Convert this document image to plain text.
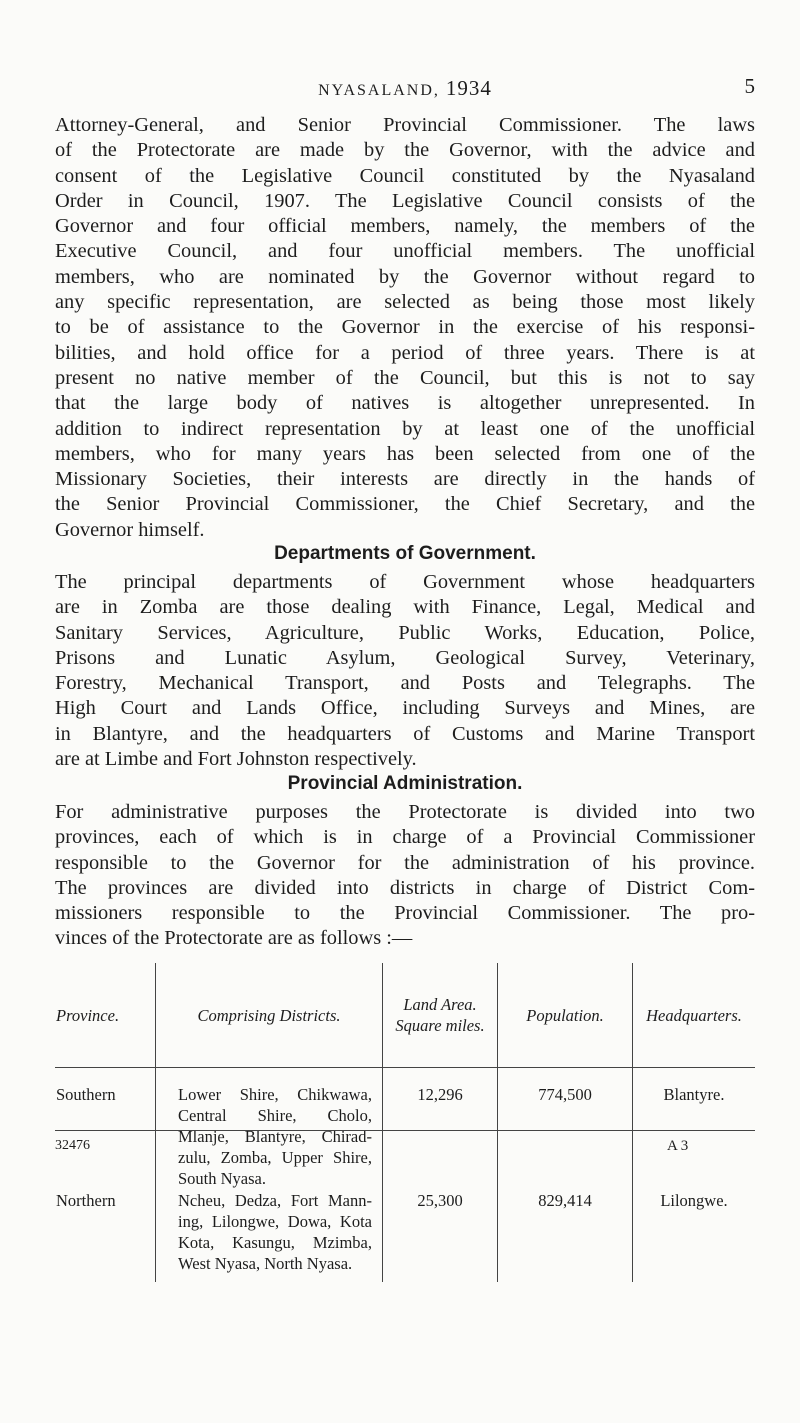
NYASALAND, 1934	5
Attorney-General, and Senior Provincial Commissioner. The laws
of the Protectorate are made by the Governor, with the advice and
consent of the Legislative Council constituted by the Nyasaland
Order in Council, 1907. The Legislative Council consists of the
Governor and four official members, namely, the members of the
Executive Council, and four unofficial members. The unofficial
members, who are nominated by the Governor without regard to
any specific representation, are selected as being those most likely
to be of assistance to the Governor in the exercise of his responsi-
bilities, and hold office for a period of three years. There is at
present no native member of the Council, but this is not to say
that the large body of natives is altogether unrepresented. In
addition to indirect representation by at least one of the unofficial
members, who for many years has been selected from one of the
Missionary Societies, their interests are directly in the hands of
the Senior Provincial Commissioner, the Chief Secretary, and the
Governor himself.
Departments of Government.
The principal departments of Government whose headquarters
are in Zomba are those dealing with Finance, Legal, Medical and
Sanitary Services, Agriculture, Public Works, Education, Police,
Prisons and Lunatic Asylum, Geological Survey, Veterinary,
Forestry, Mechanical Transport, and Posts and Telegraphs. The
High Court and Lands Office, including Surveys and Mines, are
in Blantyre, and the headquarters of Customs and Marine Transport
are at Limbe and Fort Johnston respectively.
Provincial Administration.
For administrative purposes the Protectorate is divided into two
provinces, each of which is in charge of a Provincial Commissioner
responsible to the Governor for the administration of his province.
The provinces are divided into districts in charge of District Com-
missioners responsible to the Provincial Commissioner. The pro-
vinces of the Protectorate are as follows :—
Province.	Comprising Districts.	Land Area.
Square miles.	Population.	Headquarters.
Southern	Lower Shire, Chikwawa, Central Shire, Cholo, Mlanje, Blantyre, Chirad-zulu, Zomba, Upper Shire, South Nyasa.	12,296	774,500	Blantyre.
Northern	Ncheu, Dedza, Fort Mann-ing, Lilongwe, Dowa, Kota Kota, Kasungu, Mzimba, West Nyasa, North Nyasa.	25,300	829,414	Lilongwe.
32476	A 3
